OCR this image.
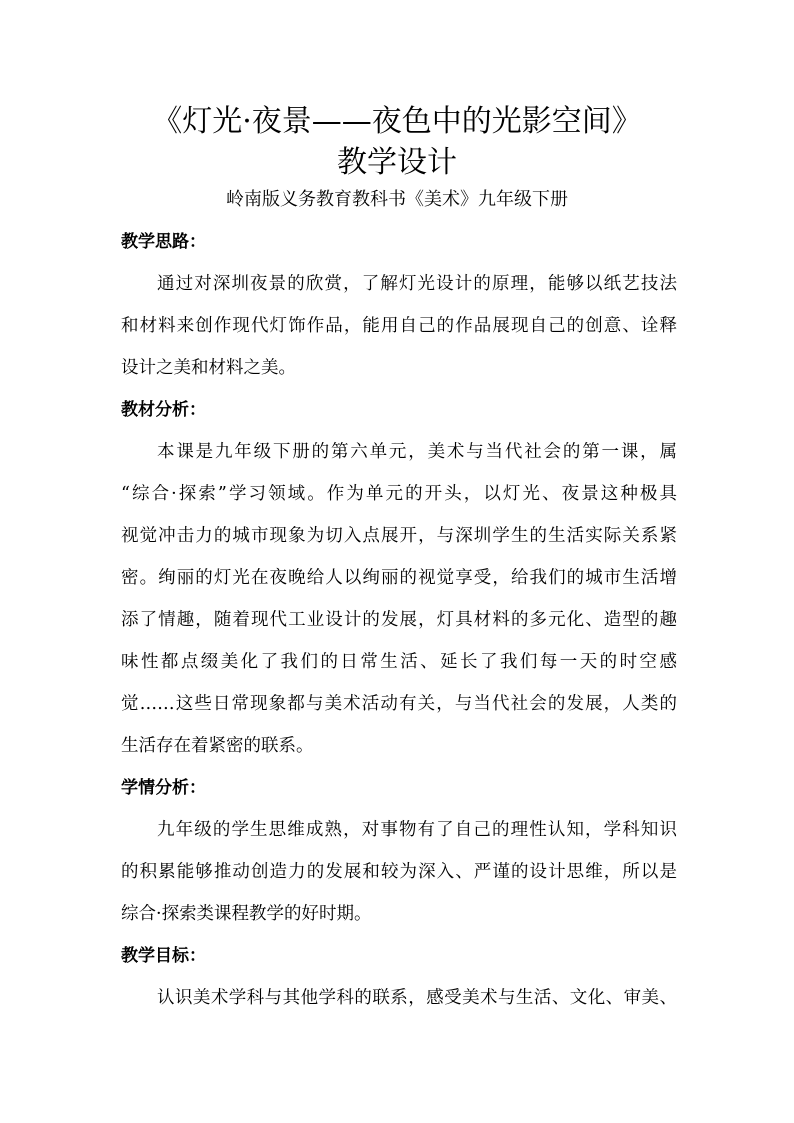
《灯光·夜景——夜色中的光影空间》
教学设计
岭南版义务教育教科书《美术》九年级下册
教学思路：
通过对深圳夜景的欣赏，了解灯光设计的原理，能够以纸艺技法
和材料来创作现代灯饰作品，能用自己的作品展现自己的创意、诠释
设计之美和材料之美。
教材分析：
本课是九年级下册的第六单元，美术与当代社会的第一课，属
“综合·探索”学习领域。作为单元的开头，以灯光、夜景这种极具
视觉冲击力的城市现象为切入点展开，与深圳学生的生活实际关系紧
密。绚丽的灯光在夜晚给人以绚丽的视觉享受，给我们的城市生活增
添了情趣，随着现代工业设计的发展，灯具材料的多元化、造型的趣
味性都点缀美化了我们的日常生活、延长了我们每一天的时空感
觉……这些日常现象都与美术活动有关，与当代社会的发展，人类的
生活存在着紧密的联系。
学情分析：
九年级的学生思维成熟，对事物有了自己的理性认知，学科知识
的积累能够推动创造力的发展和较为深入、严谨的设计思维，所以是
综合·探索类课程教学的好时期。
教学目标：
认识美术学科与其他学科的联系，感受美术与生活、文化、审美、
